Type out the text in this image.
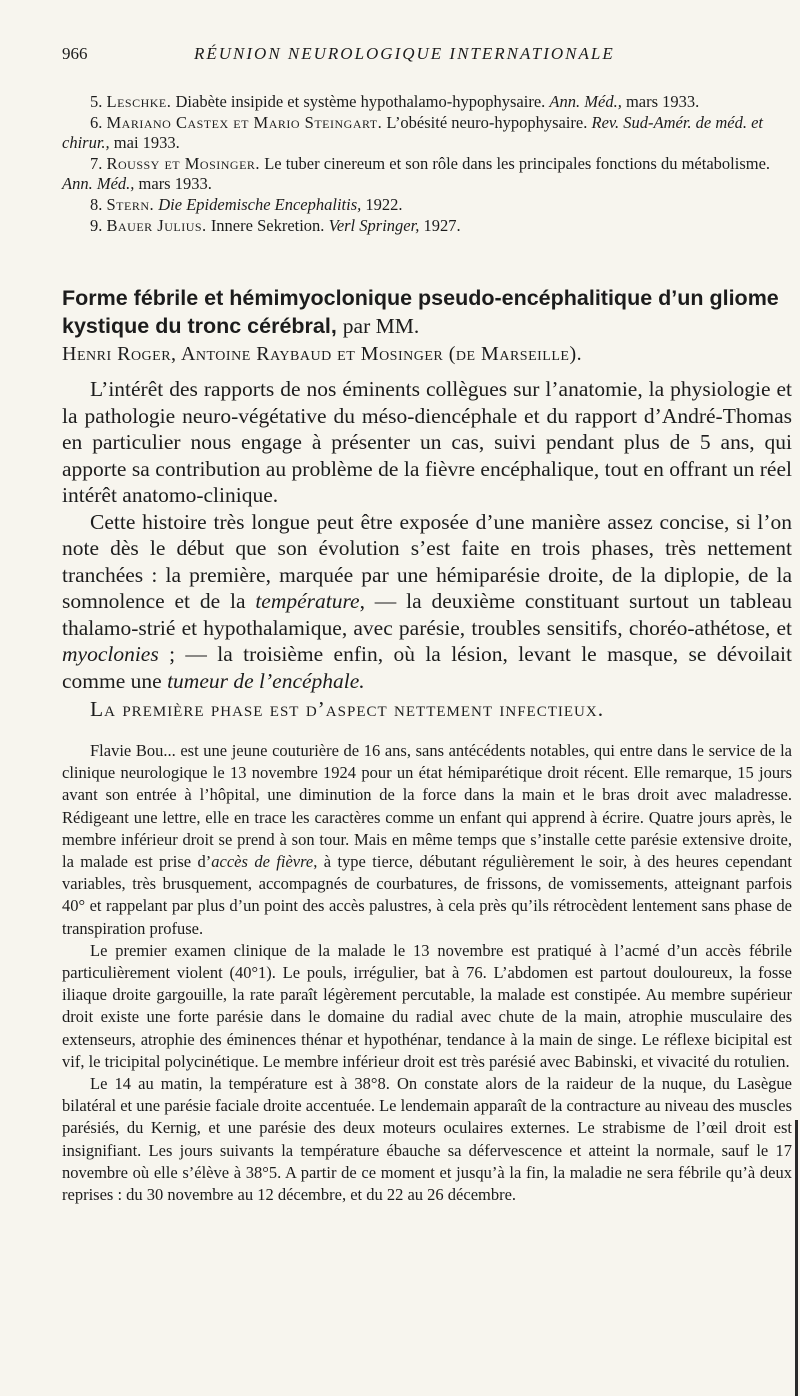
966	RÉUNION NEUROLOGIQUE INTERNATIONALE

5. Leschke. Diabète insipide et système hypothalamo-hypophysaire. Ann. Méd., mars 1933.

6. Mariano Castex et Mario Steingart. L’obésité neuro-hypophysaire. Rev. Sud-Amér. de méd. et chirur., mai 1933.

7. Roussy et Mosinger. Le tuber cinereum et son rôle dans les principales fonctions du métabolisme. Ann. Méd., mars 1933.

8. Stern. Die Epidemische Encephalitis, 1922.

9. Bauer Julius. Innere Sekretion. Verl Springer, 1927.

Forme fébrile et hémimyoclonique pseudo-encéphalitique d’un gliome kystique du tronc cérébral, par MM.
Henri Roger, Antoine Raybaud et Mosinger (de Marseille).

L’intérêt des rapports de nos éminents collègues sur l’anatomie, la physiologie et la pathologie neuro-végétative du méso-diencéphale et du rapport d’André-Thomas en particulier nous engage à présenter un cas, suivi pendant plus de 5 ans, qui apporte sa contribution au problème de la fièvre encéphalique, tout en offrant un réel intérêt anatomo-clinique.

Cette histoire très longue peut être exposée d’une manière assez concise, si l’on note dès le début que son évolution s’est faite en trois phases, très nettement tranchées : la première, marquée par une hémiparésie droite, de la diplopie, de la somnolence et de la température, — la deuxième constituant surtout un tableau thalamo-strié et hypothalamique, avec parésie, troubles sensitifs, choréo-athétose, et myoclonies ; — la troisième enfin, où la lésion, levant le masque, se dévoilait comme une tumeur de l’encéphale.

La première phase est d’aspect nettement infectieux.

Flavie Bou... est une jeune couturière de 16 ans, sans antécédents notables, qui entre dans le service de la clinique neurologique le 13 novembre 1924 pour un état hémiparétique droit récent. Elle remarque, 15 jours avant son entrée à l’hôpital, une diminution de la force dans la main et le bras droit avec maladresse. Rédigeant une lettre, elle en trace les caractères comme un enfant qui apprend à écrire. Quatre jours après, le membre inférieur droit se prend à son tour. Mais en même temps que s’installe cette parésie extensive droite, la malade est prise d’accès de fièvre, à type tierce, débutant régulièrement le soir, à des heures cependant variables, très brusquement, accompagnés de courbatures, de frissons, de vomissements, atteignant parfois 40° et rappelant par plus d’un point des accès palustres, à cela près qu’ils rétrocèdent lentement sans phase de transpiration profuse.

Le premier examen clinique de la malade le 13 novembre est pratiqué à l’acmé d’un accès fébrile particulièrement violent (40°1). Le pouls, irrégulier, bat à 76. L’abdomen est partout douloureux, la fosse iliaque droite gargouille, la rate paraît légèrement percutable, la malade est constipée. Au membre supérieur droit existe une forte parésie dans le domaine du radial avec chute de la main, atrophie musculaire des extenseurs, atrophie des éminences thénar et hypothénar, tendance à la main de singe. Le réflexe bicipital est vif, le tricipital polycinétique. Le membre inférieur droit est très parésié avec Babinski, et vivacité du rotulien.

Le 14 au matin, la température est à 38°8. On constate alors de la raideur de la nuque, du Lasègue bilatéral et une parésie faciale droite accentuée. Le lendemain apparaît de la contracture au niveau des muscles parésiés, du Kernig, et une parésie des deux moteurs oculaires externes. Le strabisme de l’œil droit est insignifiant. Les jours suivants la température ébauche sa défervescence et atteint la normale, sauf le 17 novembre où elle s’élève à 38°5. A partir de ce moment et jusqu’à la fin, la maladie ne sera fébrile qu’à deux reprises : du 30 novembre au 12 décembre, et du 22 au 26 décembre.
